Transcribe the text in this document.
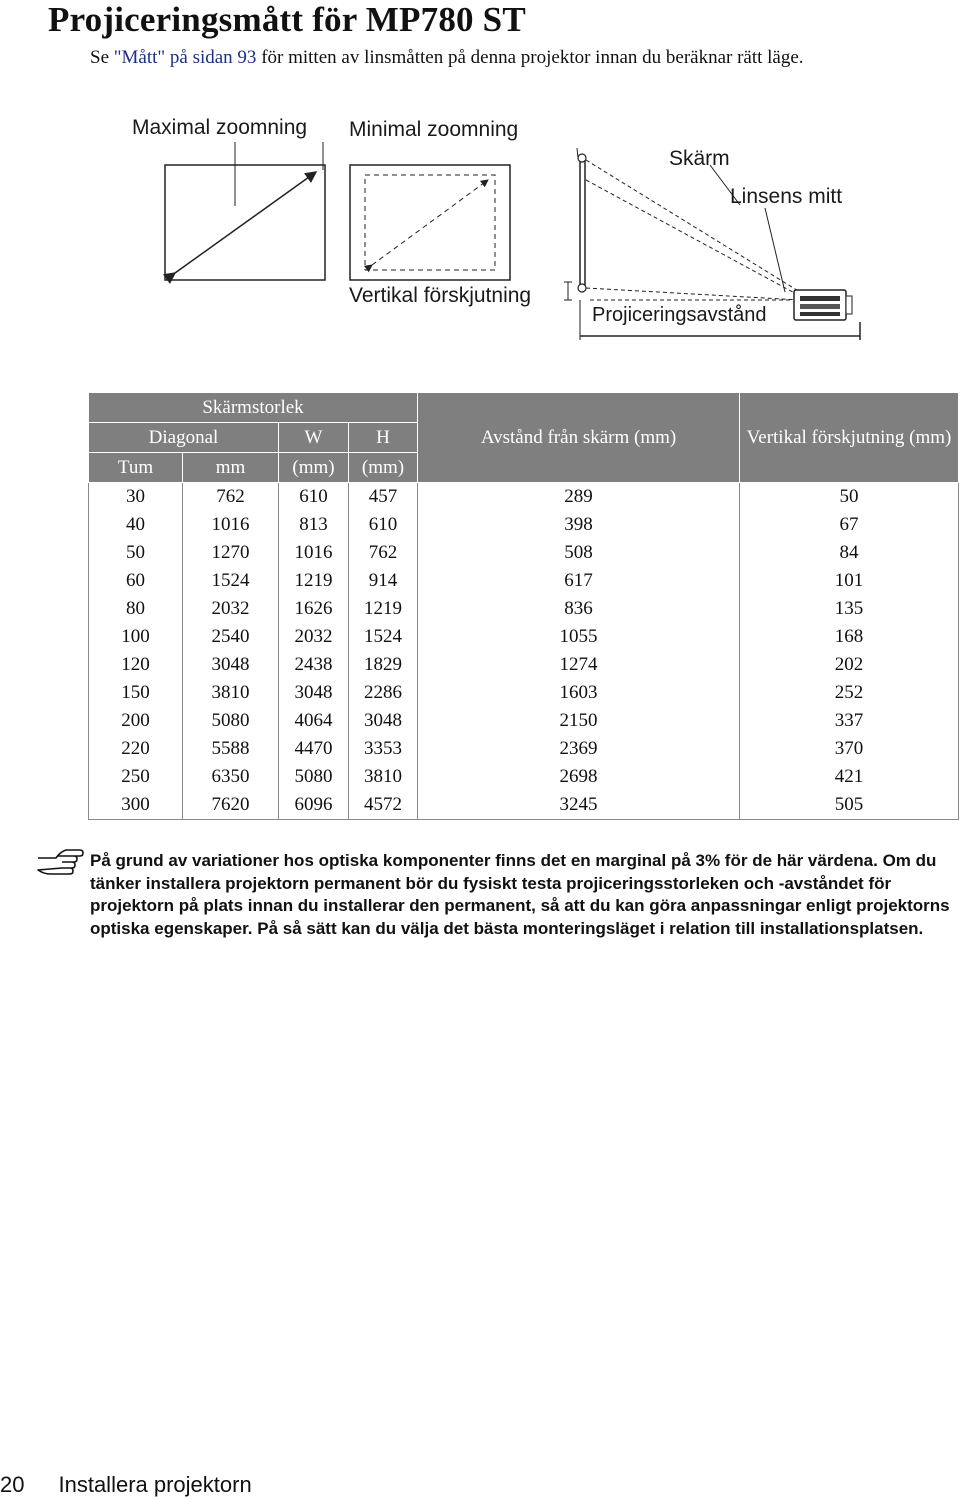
Projiceringsmått för MP780 ST
Se "Mått" på sidan 93 för mitten av linsmåtten på denna projektor innan du beräknar rätt läge.
Maximal zoomning Minimal zoomning
Skärm
Linsens mitt
Vertikal förskjutning
Projiceringsavstånd
Skärmstorlek				Avstånd från skärm (mm)	Vertikal förskjutning (mm)
Diagonal		W	H		
Tum	mm	(mm)	(mm)		
30	762	610	457	289	50
40	1016	813	610	398	67
50	1270	1016	762	508	84
60	1524	1219	914	617	101
80	2032	1626	1219	836	135
100	2540	2032	1524	1055	168
120	3048	2438	1829	1274	202
150	3810	3048	2286	1603	252
200	5080	4064	3048	2150	337
220	5588	4470	3353	2369	370
250	6350	5080	3810	2698	421
300	7620	6096	4572	3245	505
På grund av variationer hos optiska komponenter finns det en marginal på 3% för de här värdena. Om du tänker installera projektorn permanent bör du fysiskt testa projiceringsstorleken och -avståndet för projektorn på plats innan du installerar den permanent, så att du kan göra anpassningar enligt projektorns optiska egenskaper. På så sätt kan du välja det bästa monteringsläget i relation till installationsplatsen.
20 Installera projektorn
